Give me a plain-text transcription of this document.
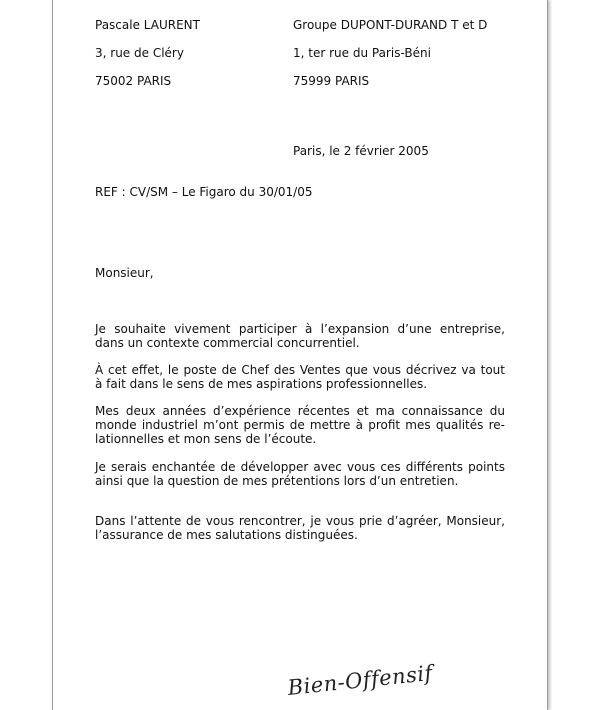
Pascale LAURENT
3, rue de Cléry
75002 PARIS
Groupe DUPONT-DURAND T et D
1, ter rue du Paris-Béni
75999 PARIS
Paris, le 2 février 2005
REF : CV/SM – Le Figaro du 30/01/05
Monsieur,
Je souhaite vivement participer à l’expansion d’une entreprise,
dans un contexte commercial concurrentiel.
À cet effet, le poste de Chef des Ventes que vous décrivez va tout
à fait dans le sens de mes aspirations professionnelles.
Mes deux années d’expérience récentes et ma connaissance du
monde industriel m’ont permis de mettre à profit mes qualités re-
lationnelles et mon sens de l’écoute.
Je serais enchantée de développer avec vous ces différents points
ainsi que la question de mes prétentions lors d’un entretien.
Dans l’attente de vous rencontrer, je vous prie d’agréer, Monsieur,
l’assurance de mes salutations distinguées.
Bien-Offensif
